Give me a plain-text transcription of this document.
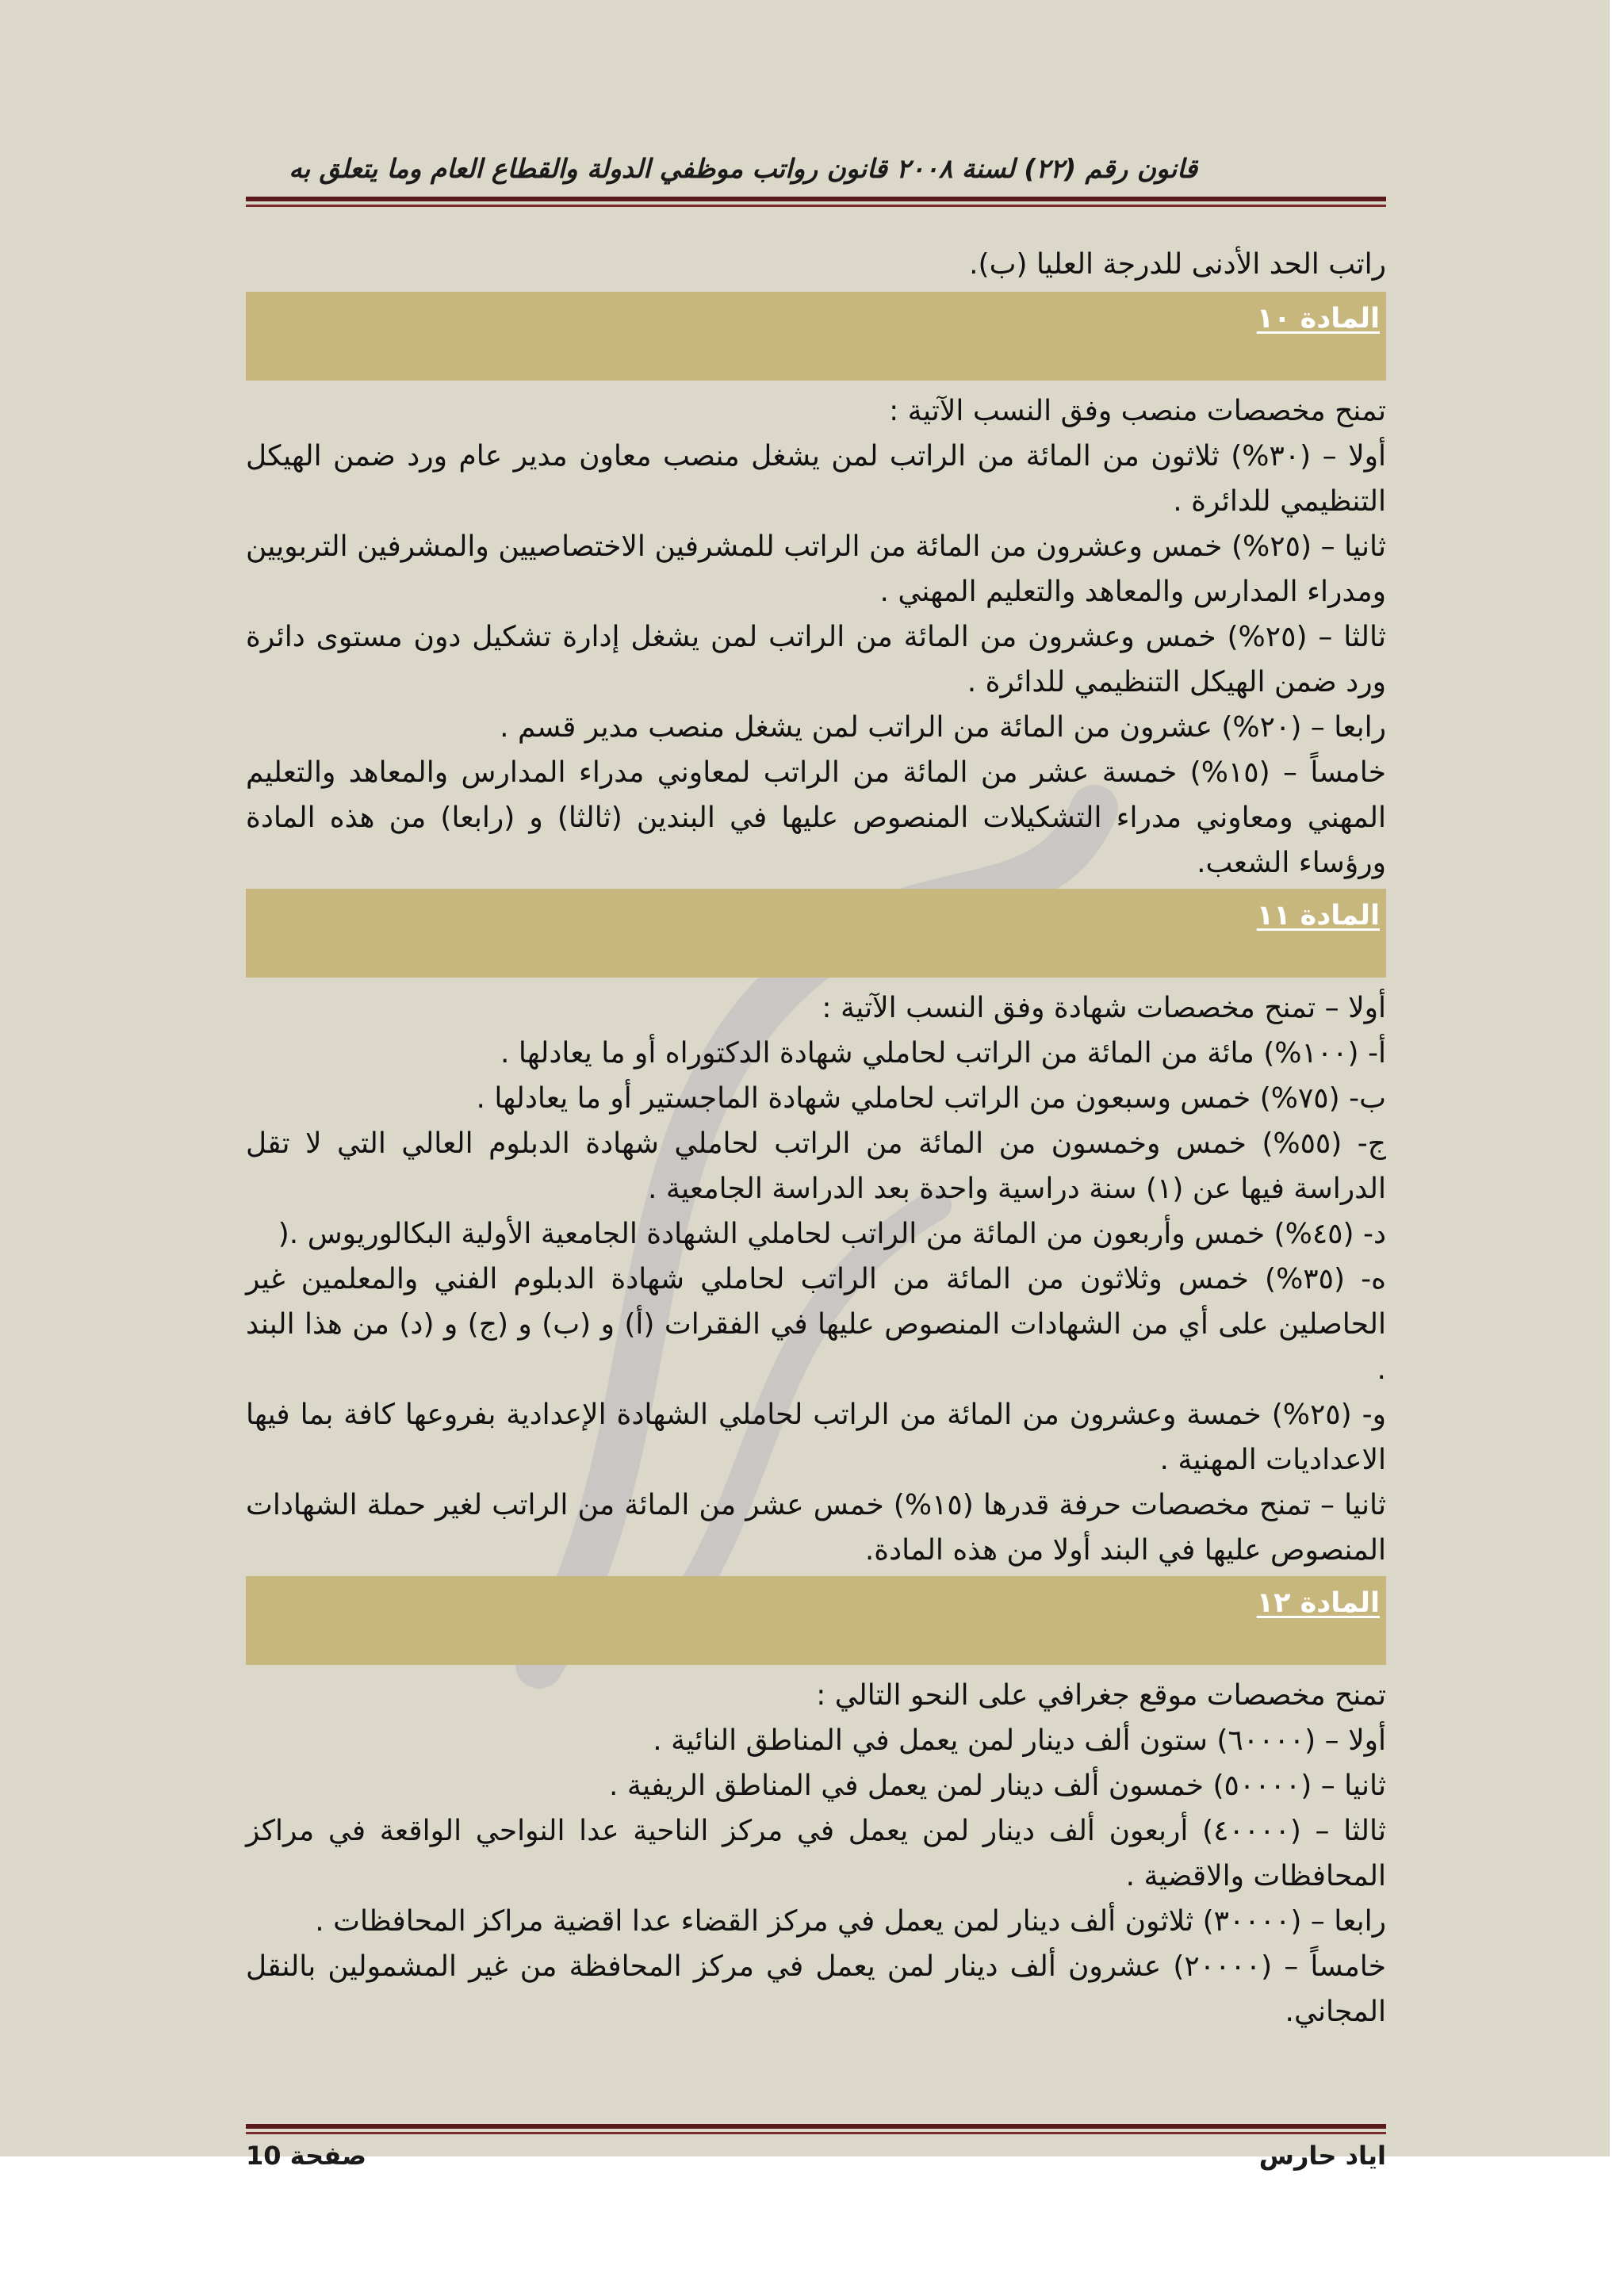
قانون رقم (٢٢) لسنة ٢٠٠٨ قانون رواتب موظفي الدولة والقطاع العام وما يتعلق به

راتب الحد الأدنى للدرجة العليا (ب).

المادة ١٠

تمنح مخصصات منصب وفق النسب الآتية :

أولا – (٣٠%) ثلاثون من المائة من الراتب لمن يشغل منصب معاون مدير عام ورد ضمن الهيكل التنظيمي للدائرة .

ثانيا – (٢٥%) خمس وعشرون من المائة من الراتب للمشرفين الاختصاصيين والمشرفين التربويين ومدراء المدارس والمعاهد والتعليم المهني .

ثالثا – (٢٥%) خمس وعشرون من المائة من الراتب لمن يشغل إدارة تشكيل دون مستوى دائرة ورد ضمن الهيكل التنظيمي للدائرة .

رابعا – (٢٠%) عشرون من المائة من الراتب لمن يشغل منصب مدير قسم .

خامساً – (١٥%) خمسة عشر من المائة من الراتب لمعاوني مدراء المدارس والمعاهد والتعليم المهني ومعاوني مدراء التشكيلات المنصوص عليها في البندين (ثالثا) و (رابعا) من هذه المادة ورؤساء الشعب.

المادة ١١

أولا – تمنح مخصصات شهادة وفق النسب الآتية :

أ- (١٠٠%) مائة من المائة من الراتب لحاملي شهادة الدكتوراه أو ما يعادلها .

ب- (٧٥%) خمس وسبعون من الراتب لحاملي شهادة الماجستير أو ما يعادلها .

ج- (٥٥%) خمس وخمسون من المائة من الراتب لحاملي شهادة الدبلوم العالي التي لا تقل الدراسة فيها عن (١) سنة دراسية واحدة بعد الدراسة الجامعية .

د- (٤٥%) خمس وأربعون من المائة من الراتب لحاملي الشهادة الجامعية الأولية البكالوريوس .(

ه- (٣٥%) خمس وثلاثون من المائة من الراتب لحاملي شهادة الدبلوم الفني والمعلمين غير الحاصلين على أي من الشهادات المنصوص عليها في الفقرات (أ) و (ب) و (ج) و (د) من هذا البند .

و- (٢٥%) خمسة وعشرون من المائة من الراتب لحاملي الشهادة الإعدادية بفروعها كافة بما فيها الاعداديات المهنية .

ثانيا – تمنح مخصصات حرفة قدرها (١٥%) خمس عشر من المائة من الراتب لغير حملة الشهادات المنصوص عليها في البند أولا من هذه المادة.

المادة ١٢

تمنح مخصصات موقع جغرافي على النحو التالي :

أولا – (٦٠٠٠٠) ستون ألف دينار لمن يعمل في المناطق النائية .

ثانيا – (٥٠٠٠٠) خمسون ألف دينار لمن يعمل في المناطق الريفية .

ثالثا – (٤٠٠٠٠) أربعون ألف دينار لمن يعمل في مركز الناحية عدا النواحي الواقعة في مراكز المحافظات والاقضية .

رابعا – (٣٠٠٠٠) ثلاثون ألف دينار لمن يعمل في مركز القضاء عدا اقضية مراكز المحافظات .

خامساً – (٢٠٠٠٠) عشرون ألف دينار لمن يعمل في مركز المحافظة من غير المشمولين بالنقل المجاني.

صفحة 10	اياد حارس
